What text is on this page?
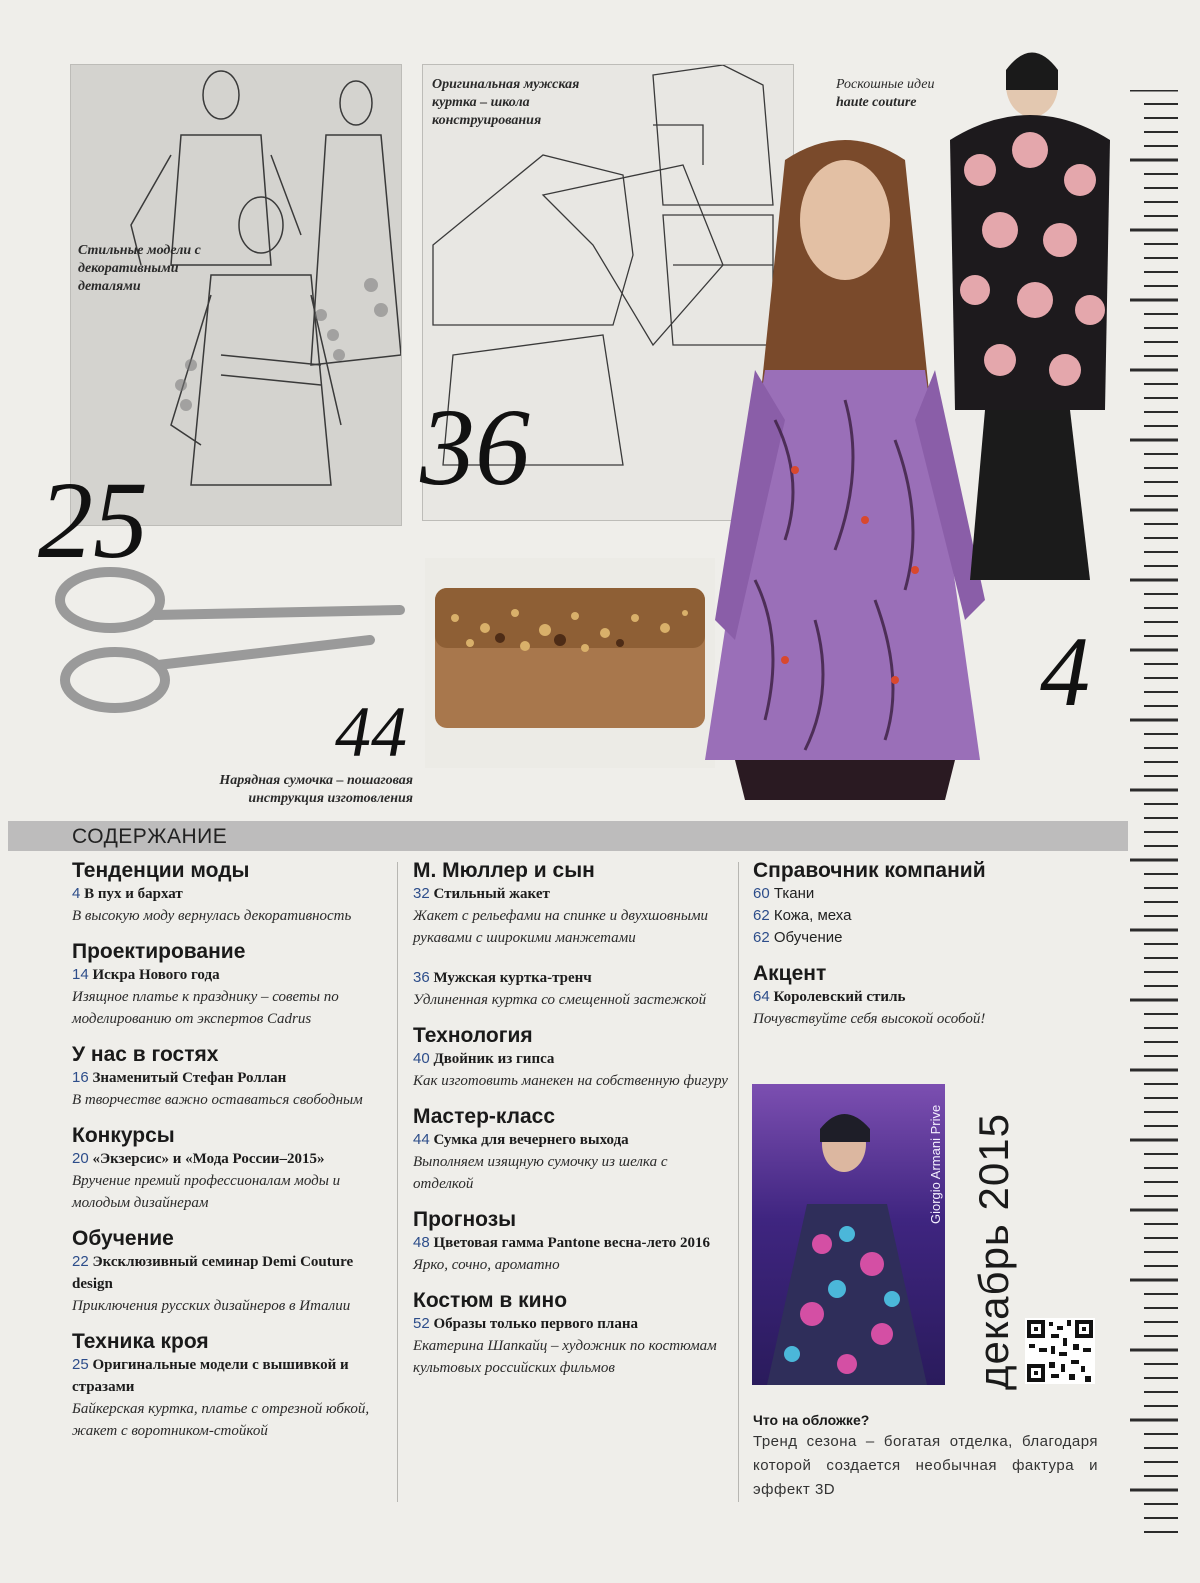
Стильные модели с декоративными деталями
25
Оригинальная мужская куртка – школа конструирования
36
44
Нарядная сумочка – пошаговая
инструкция изготовления
Роскошные идеи
haute couture
4
СОДЕРЖАНИЕ
Тенденции моды
4 В пух и бархат
В высокую моду вернулась декоративность
Проектирование
14 Искра Нового года
Изящное платье к празднику – советы по моделированию от экспертов Cadrus
У нас в гостях
16 Знаменитый Стефан Роллан
В творчестве важно оставаться свободным
Конкурсы
20 «Экзерсис» и «Мода России–2015»
Вручение премий профессионалам моды и молодым дизайнерам
Обучение
22 Эксклюзивный семинар Demi Couture design
Приключения русских дизайнеров в Италии
Техника кроя
25 Оригинальные модели с вышивкой и стразами
Байкерская куртка, платье с отрезной юбкой, жакет с воротником-стойкой
М. Мюллер и сын
32 Стильный жакет
Жакет с рельефами на спинке и двухшовными рукавами с широкими манжетами
36 Мужская куртка-тренч
Удлиненная куртка со смещенной застежкой
Технология
40 Двойник из гипса
Как изготовить манекен на собственную фигуру
Мастер-класс
44 Сумка для вечернего выхода
Выполняем изящную сумочку из шелка с отделкой
Прогнозы
48 Цветовая гамма Pantone весна-лето 2016
Ярко, сочно, ароматно
Костюм в кино
52 Образы только первого плана
Екатерина Шапкайц – художник по костюмам культовых российских фильмов
Справочник компаний
60 Ткани
62 Кожа, меха
62 Обучение
Акцент
64 Королевский стиль
Почувствуйте себя высокой особой!
Giorgio Armani Prive
декабрь 2015
Что на обложке?
Тренд сезона – богатая отделка, благодаря которой создается необычная фактура и эффект 3D
